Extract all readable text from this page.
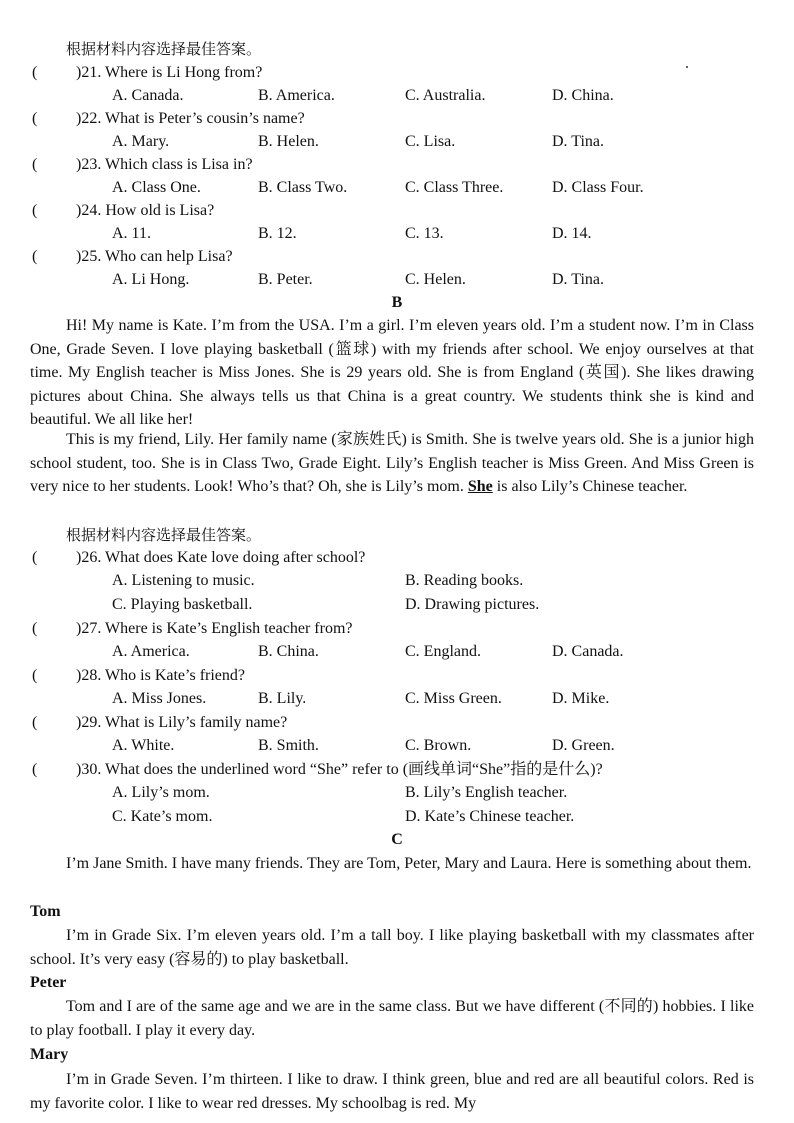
根据材料内容选择最佳答案。
( )21. Where is Li Hong from?
A. Canada.	B. America.	C. Australia.	D. China.
( )22. What is Peter’s cousin’s name?
A. Mary.	B. Helen.	C. Lisa.	D. Tina.
( )23. Which class is Lisa in?
A. Class One.	B. Class Two.	C. Class Three.	D. Class Four.
( )24. How old is Lisa?
A. 11.	B. 12.	C. 13.	D. 14.
( )25. Who can help Lisa?
A. Li Hong.	B. Peter.	C. Helen.	D. Tina.
B
Hi! My name is Kate. I’m from the USA. I’m a girl. I’m eleven years old. I’m a student now. I’m in Class One, Grade Seven. I love playing basketball (篮球) with my friends after school. We enjoy ourselves at that time. My English teacher is Miss Jones. She is 29 years old. She is from England (英国). She likes drawing pictures about China. She always tells us that China is a great country. We students think she is kind and beautiful. We all like her!
This is my friend, Lily. Her family name (家族姓氏) is Smith. She is twelve years old. She is a junior high school student, too. She is in Class Two, Grade Eight. Lily’s English teacher is Miss Green. And Miss Green is very nice to her students. Look! Who’s that? Oh, she is Lily’s mom. She is also Lily’s Chinese teacher.
根据材料内容选择最佳答案。
( )26. What does Kate love doing after school?
A. Listening to music.	B. Reading books.
C. Playing basketball.	D. Drawing pictures.
( )27. Where is Kate’s English teacher from?
A. America.	B. China.	C. England.	D. Canada.
( )28. Who is Kate’s friend?
A. Miss Jones.	B. Lily.	C. Miss Green.	D. Mike.
( )29. What is Lily’s family name?
A. White.	B. Smith.	C. Brown.	D. Green.
( )30. What does the underlined word “She” refer to (画线单词“She”指的是什么)?
A. Lily’s mom.	B. Lily’s English teacher.
C. Kate’s mom.	D. Kate’s Chinese teacher.
C
I’m Jane Smith. I have many friends. They are Tom, Peter, Mary and Laura. Here is something about them.
Tom
I’m in Grade Six. I’m eleven years old. I’m a tall boy. I like playing basketball with my classmates after school. It’s very easy (容易的) to play basketball.
Peter
Tom and I are of the same age and we are in the same class. But we have different (不同的) hobbies. I like to play football. I play it every day.
Mary
I’m in Grade Seven. I’m thirteen. I like to draw. I think green, blue and red are all beautiful colors. Red is my favorite color. I like to wear red dresses. My schoolbag is red. My
